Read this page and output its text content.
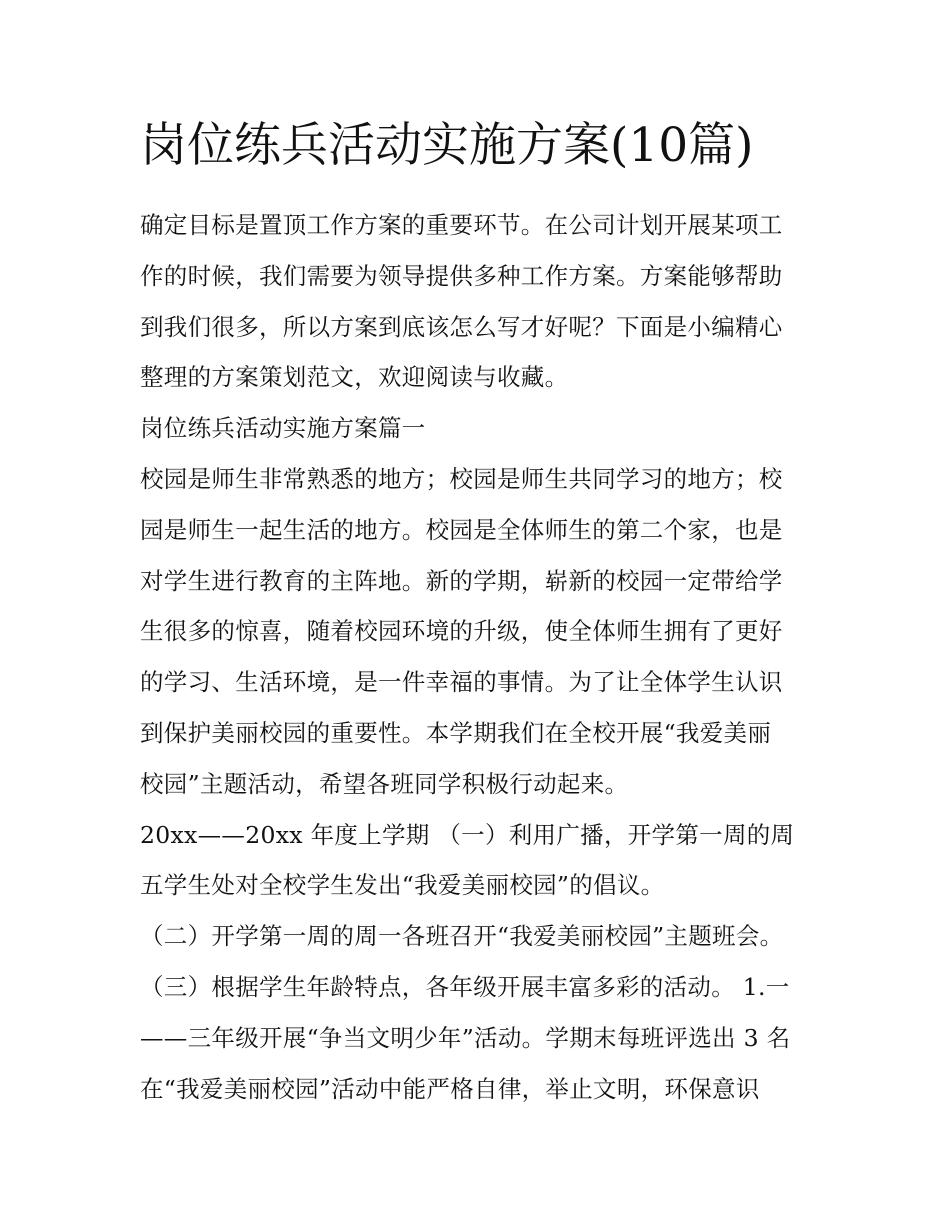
岗位练兵活动实施方案(10篇)
确定目标是置顶工作方案的重要环节。在公司计划开展某项工
作的时候，我们需要为领导提供多种工作方案。方案能够帮助
到我们很多，所以方案到底该怎么写才好呢？下面是小编精心
整理的方案策划范文，欢迎阅读与收藏。
岗位练兵活动实施方案篇一
校园是师生非常熟悉的地方；校园是师生共同学习的地方；校
园是师生一起生活的地方。校园是全体师生的第二个家，也是
对学生进行教育的主阵地。新的学期，崭新的校园一定带给学
生很多的惊喜，随着校园环境的升级，使全体师生拥有了更好
的学习、生活环境，是一件幸福的事情。为了让全体学生认识
到保护美丽校园的重要性。本学期我们在全校开展“我爱美丽
校园”主题活动，希望各班同学积极行动起来。
20xx——20xx 年度上学期 （一）利用广播，开学第一周的周
五学生处对全校学生发出“我爱美丽校园”的倡议。
（二）开学第一周的周一各班召开“我爱美丽校园”主题班会。
（三）根据学生年龄特点，各年级开展丰富多彩的活动。 1.一
——三年级开展“争当文明少年”活动。学期末每班评选出 3 名
在“我爱美丽校园”活动中能严格自律，举止文明，环保意识
